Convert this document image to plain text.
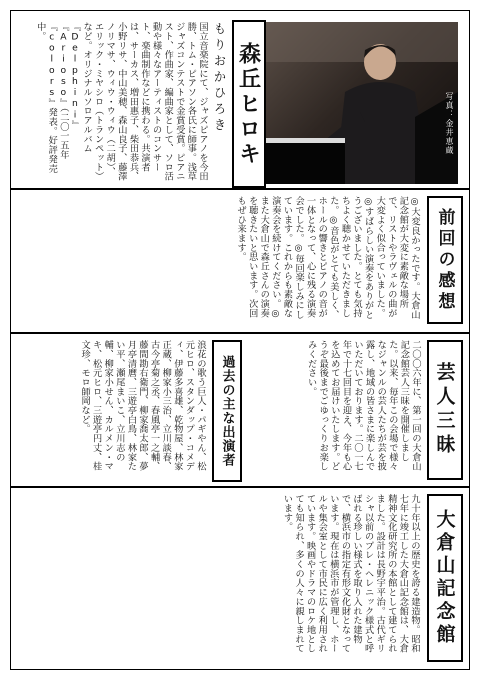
写真：金井恵蔵
森丘ヒロキ
もりおかひろき
国立音楽院にて、ジャズピアノを今田勝、トム・ピアソン各氏に師事。浅草ジャズコンテストで金賞受賞。ピアニスト、作曲家、編曲家として、ソロ活動や様々なアーティストのコンサート、楽曲制作などに携わる。共演者は、サーカス、増田惠子、柴田恭兵、小野リサ、中山美穂、森山良子、藤澤ノリマサ、ウィウ・ウィウ（二胡）、エリック・ミヤシロ（トランペット）など。オリジナルソロアルバム『Delphini』『Arioso』（二〇一五年『colors』発表。好評発売中。
前回の感想
◎大変良かったです。大倉山記念館が大変に素敵な場所で、リストやラヴェルの曲が大変よく似合っていました。◎すばらしい演奏をありがとうございました。とても気持ちよく聴かせていただきました。◎音色がとても美しく、ホールの響きとピアノの音が一体となって、心に残る演奏会でした。◎毎回楽しみにしています。これからも素敵な演奏会を続けてください。◎また大倉山で森丘さんの演奏を聴きたいと思います。次回もぜひ来ます。
芸人三昧
二〇〇六年に、第一回の大倉山記念館芸人三昧を開催しました。以来、毎年この会場で様々なジャンルの芸人たちが芸を披露し、地域の皆さまに楽しんでいただいております。二〇一七年で十七回目を迎え、今年も心を込めてお届けいたします。どうぞ最後までごゆっくりお楽しみください。
過去の主な出演者
浪花の歌う巨人・パギやん、松元ヒロ、スタンダップ・コメディ、伊藤多喜雄、乾物屋、林家正蔵、柳家小三治、立川談春、古今亭菊之丞、春風亭一之輔、藤間勘右衛門、柳家喬太郎、夢月亭清麿、三遊亭白鳥、林家たい平、瀬尾まいこ、立川志の輔、柳家小せん、カルメン・マキ、松元ヒロ、三遊亭円丈、桂文珍、モロ師岡など。
大倉山記念館
九十年以上の歴史を誇る建造物。昭和七年に竣工した大倉山記念館は、大倉精神文化研究所の本館として建てられました。設計は長野宇平治。古代ギリシャ以前のプレ・ヘレニック様式と呼ばれる珍しい様式を取り入れた建物で、横浜市の指定有形文化財となっています。現在は横浜市が管理し、ホールや集会室として市民に広く利用されています。映画やドラマのロケ地としても知られ、多くの人々に親しまれています。
